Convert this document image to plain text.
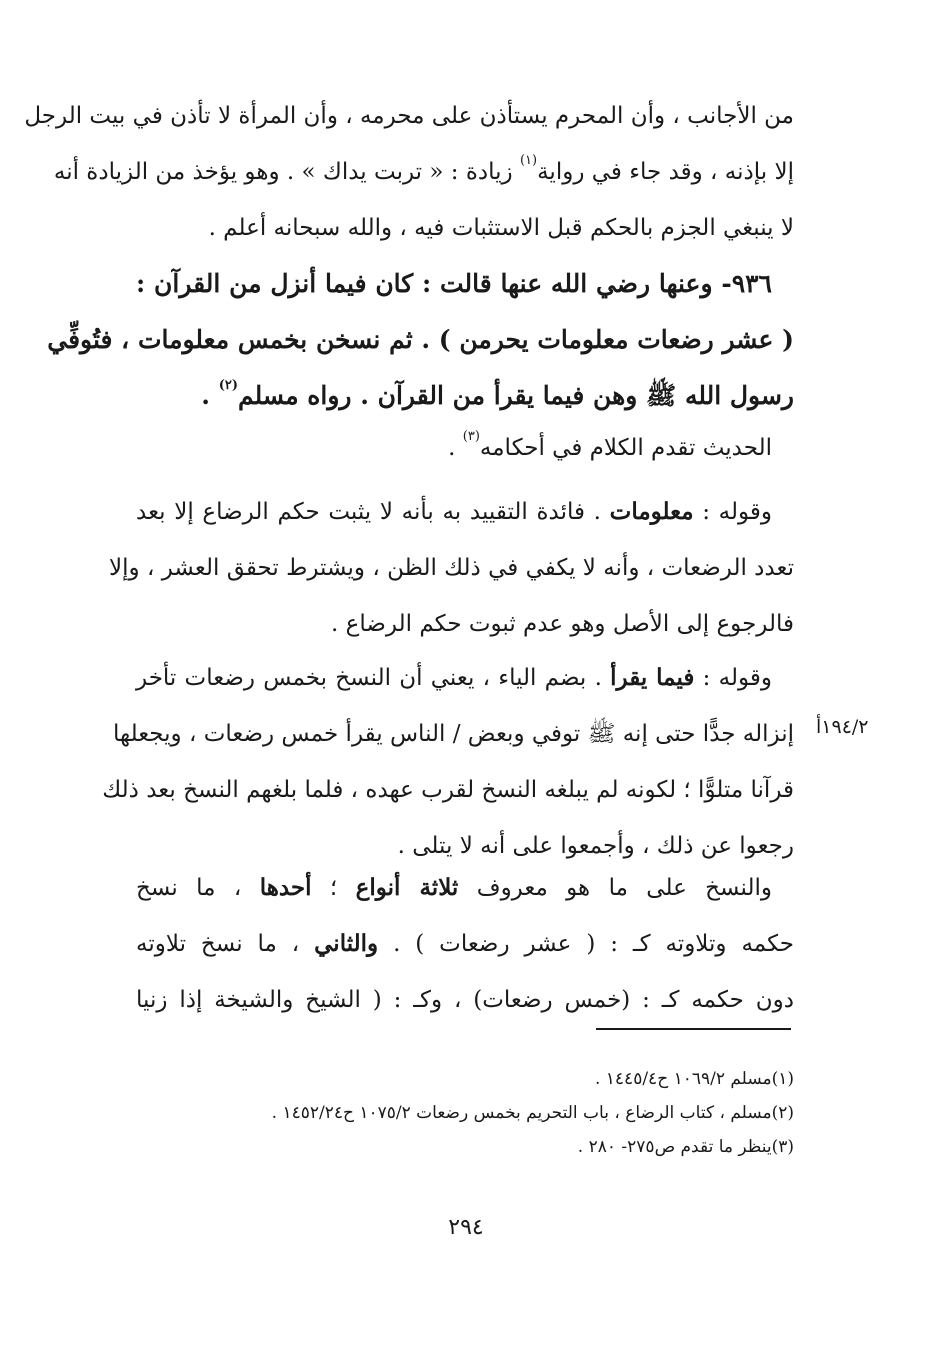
من الأجانب ، وأن المحرم يستأذن على محرمه ، وأن المرأة لا تأذن في بيت الرجل
إلا بإذنه ، وقد جاء في رواية$^{(١)}$ زيادة : « تربت يداك » . وهو يؤخذ من الزيادة أنه
لا ينبغي الجزم بالحكم قبل الاستثبات فيه ، والله سبحانه أعلم .
٩٣٦- وعنها رضي الله عنها قالت : كان فيما أنزل من القرآن :
( عشر رضعات معلومات يحرمن ) . ثم نسخن بخمس معلومات ، فتُوفِّي
رسول الله ﷺ وهن فيما يقرأ من القرآن . رواه مسلم$^{(٢)}$ .
الحديث تقدم الكلام في أحكامه$^{(٣)}$ .
وقوله : معلومات . فائدة التقييد به بأنه لا يثبت حكم الرضاع إلا بعد
تعدد الرضعات ، وأنه لا يكفي في ذلك الظن ، ويشترط تحقق العشر ، وإلا
فالرجوع إلى الأصل وهو عدم ثبوت حكم الرضاع .
وقوله : فيما يقرأ . بضم الياء ، يعني أن النسخ بخمس رضعات تأخر
إنزاله جدًّا حتى إنه ﷺ توفي وبعض / الناس يقرأ خمس رضعات ، ويجعلها
قرآنا متلوًّا ؛ لكونه لم يبلغه النسخ لقرب عهده ، فلما بلغهم النسخ بعد ذلك
رجعوا عن ذلك ، وأجمعوا على أنه لا يتلى .
١٩٤/٢أ
والنسخ على ما هو معروف ثلاثة أنواع ؛ أحدها ، ما نسخ
حكمه وتلاوته كـ : ( عشر رضعات ) . والثاني ، ما نسخ تلاوته
دون حكمه كـ : (خمس رضعات) ، وكـ : ( الشيخ والشيخة إذا زنيا
(١)مسلم ١٠٦٩/٢ ح١٤٤٥/٤ .
(٢)مسلم ، كتاب الرضاع ، باب التحريم بخمس رضعات ١٠٧٥/٢ ح١٤٥٢/٢٤ .
(٣)ينظر ما تقدم ص٢٧٥- ٢٨٠ .
٢٩٤
